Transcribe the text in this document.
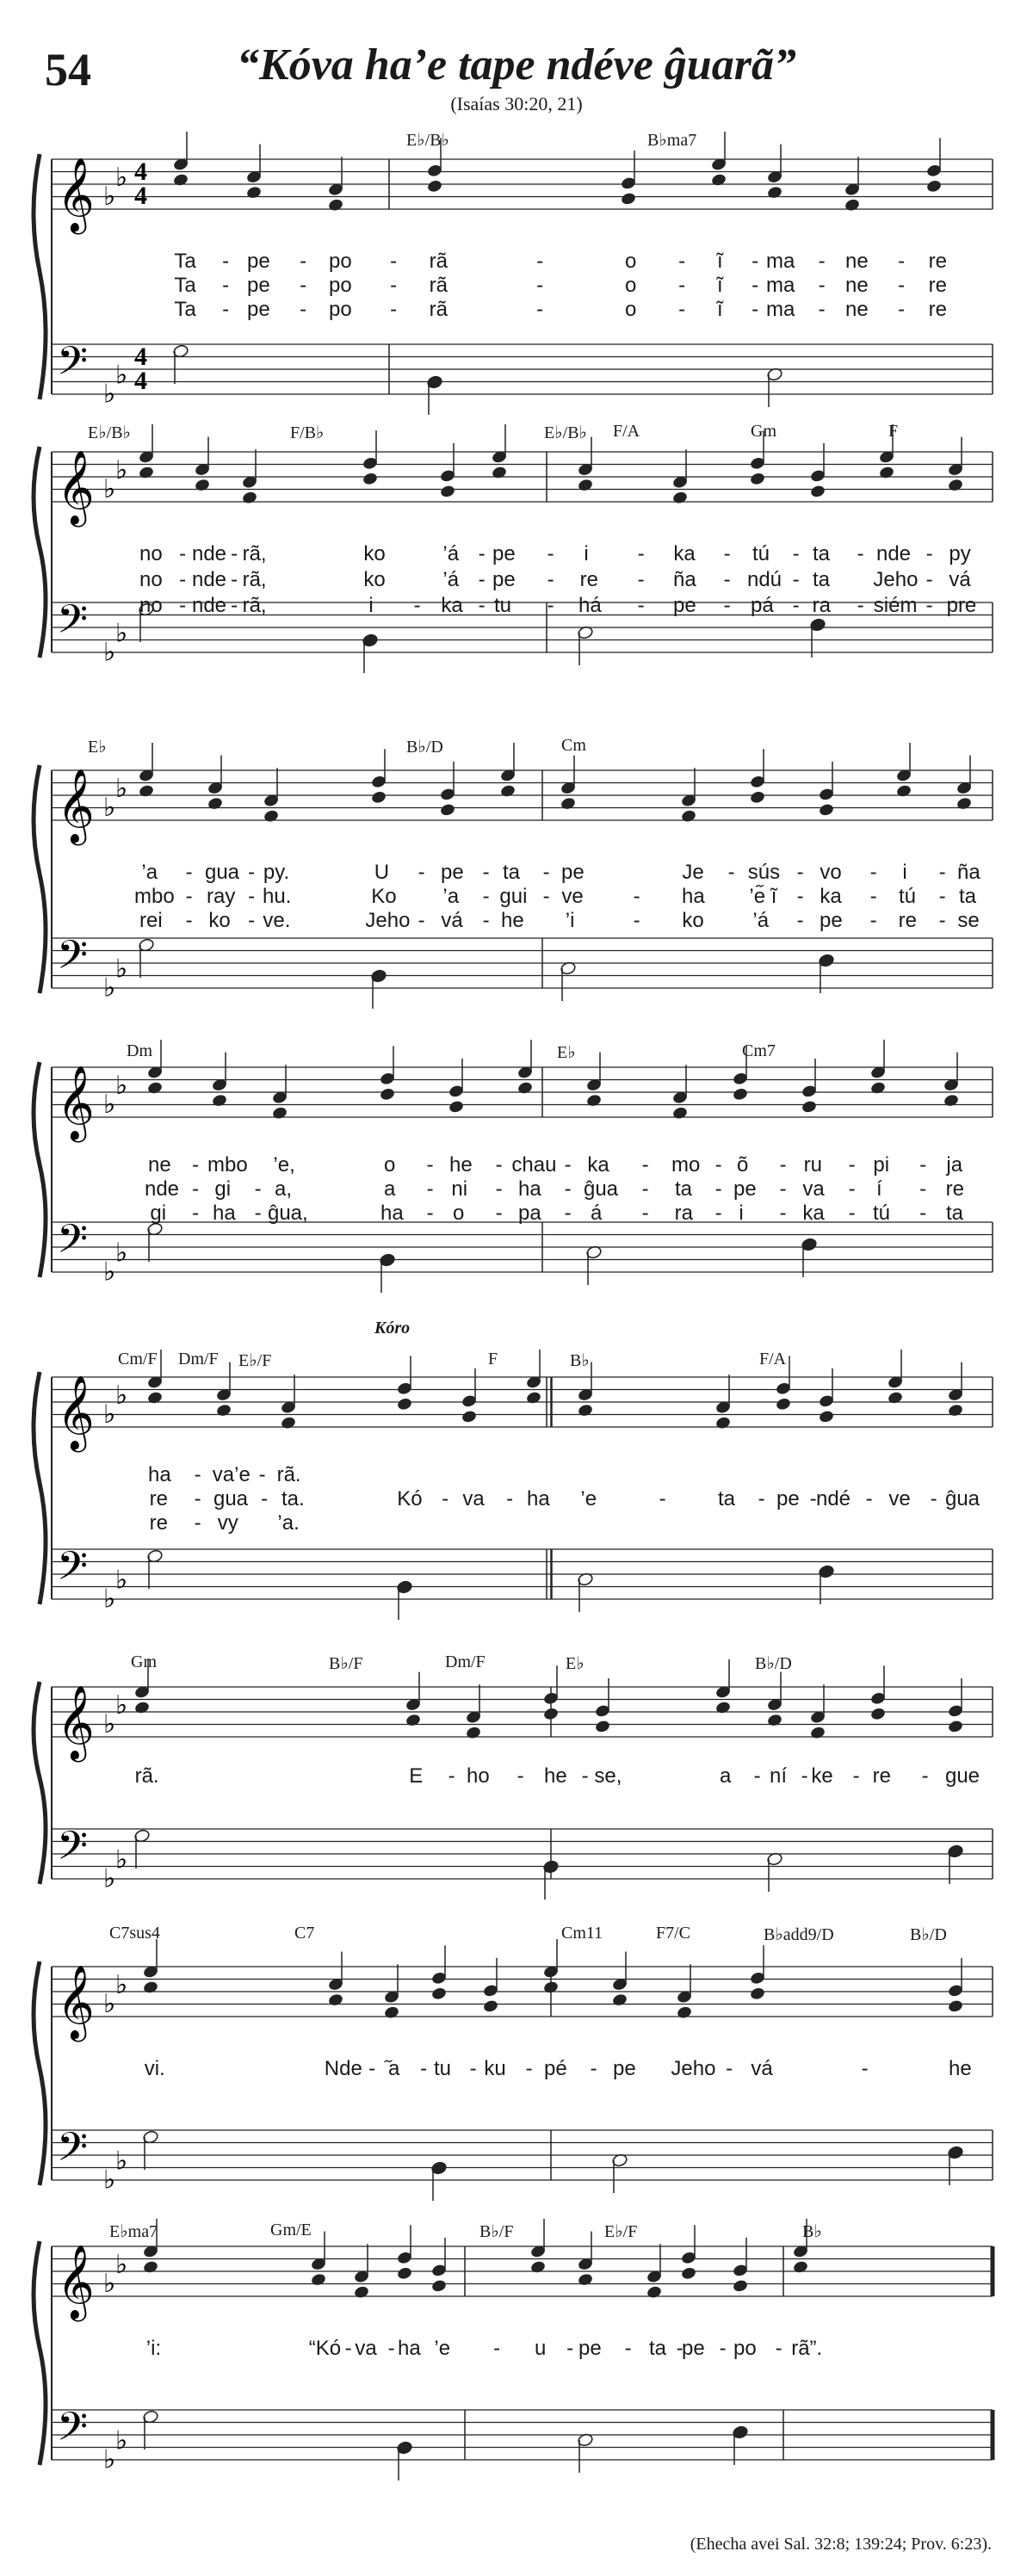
54	“Kóva ha’e tape ndéve ĝuarã”
(Isaías 30:20, 21)
𝄞
𝄢
♭
♭
♭
♭
4
4
4
4
𝄞
𝄢
♭
♭
♭
♭
𝄞
𝄢
♭
♭
♭
♭
𝄞
𝄢
♭
♭
♭
♭
𝄞
𝄢
♭
♭
♭
♭
𝄞
𝄢
♭
♭
♭
♭
𝄞
𝄢
♭
♭
♭
♭
𝄞
𝄢
♭
♭
♭
♭
(Ehecha avei Sal. 32:8; 139:24; Prov. 6:23).
E♭/B♭	B♭ma7
Ta - pe - po - rã	-	o - ĩ - ma - ne - re
Ta - pe - po - rã	-	o - ĩ - ma - ne - re
Ta - pe - po - rã	-	o - ĩ - ma - ne - re
E♭/B♭	F/B♭	E♭/B♭ F/A	Gm	F
no - nde - rã,	ko	’á - pe - i - ka - tú - ta - nde - py
no - nde - rã,	ko	’á - pe - re - ña - ndú - ta Jeho - vá
no - nde - rã,	i - ka - tu - há - pe - pá - ra - siém - pre
E♭	B♭/D	Cm
’a - gua - py.	U - pe - ta - pe	Je - sús - vo - i - ña
mbo - ray - hu.	Ko ’a - gui - ve - ha ’e᷉ ĩ - ka - tú - ta
rei - ko - ve.	Jeho - vá - he ’i	- ko ’á - pe - re - se
Dm	E♭	Cm7
ne - mbo ’e,	o - he - chau - ka - mo - õ - ru - pi - ja
nde - gi - a,	a - ni - ha - ĝua - ta - pe - va - í - re
gi - ha - ĝua,	ha - o - pa - á - ra - i - ka - tú - ta
Cm/F Dm/F E♭/F	F	B♭	F/A
Kóro
ha - va’e - rã.
re - gua - ta.	Kó - va - ha ’e	-	ta - pe - ndé - ve - ĝua
re - vy ’a.
Gm	B♭/F	Dm/F	E♭	B♭/D
rã.	E - ho - he - se,	a - ní - ke - re - gue
C7sus4	C7	Cm11	F7/C	B♭add9/D	B♭/D
vi.	Nde - ᷉a - tu - ku - pé - pe Jeho - vá	-	he
E♭ma7	Gm/E	B♭/F	E♭/F	B♭
’i:	“Kó - va - ha ’e - u - pe - ta -
pe - po - rã”.
